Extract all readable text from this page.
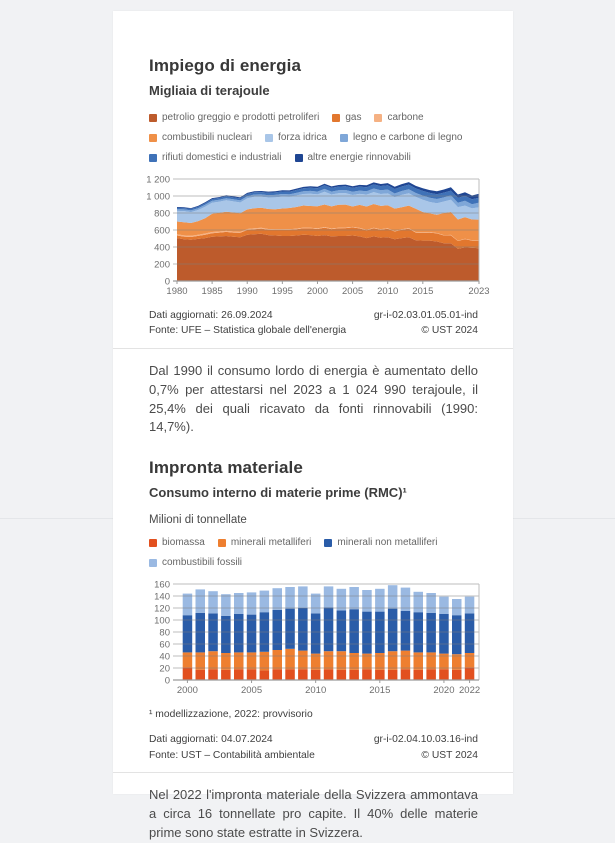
Impiego di energia
Migliaia di terajoule
petrolio greggio e prodotti petroliferi	gas	carbone
combustibili nucleari	forza idrica	legno e carbone di legno
rifiuti domestici e industriali	altre energie rinnovabili
0
200
400
600
800
1 000
1 200
1980 1985 1990 1995 2000 2005 2010 2015	2023
Dati aggiornati: 26.09.2024
Fonte: UFE – Statistica globale dell'energia
gr-i-02.03.01.05.01-ind
© UST 2024

Dal 1990 il consumo lordo di energia è aumentato dello 0,7% per attestarsi nel 2023 a 1 024 990 terajoule, il 25,4% dei quali ricavato da fonti rinnovabili (1990: 14,7%).

Impronta materiale
Consumo interno di materie prime (RMC)¹
Milioni di tonnellate
biomassa	minerali metalliferi	minerali non metalliferi
combustibili fossili
0
20
40
60
80
100
120
140
160
2000	2005	2010	2015	2020 2022
¹ modellizzazione, 2022: provvisorio
Dati aggiornati: 04.07.2024
Fonte: UST – Contabilità ambientale
gr-i-02.04.10.03.16-ind
© UST 2024

Nel 2022 l'impronta materiale della Svizzera ammontava a circa 16 tonnellate pro capite. Il 40% delle materie prime sono state estratte in Svizzera.
